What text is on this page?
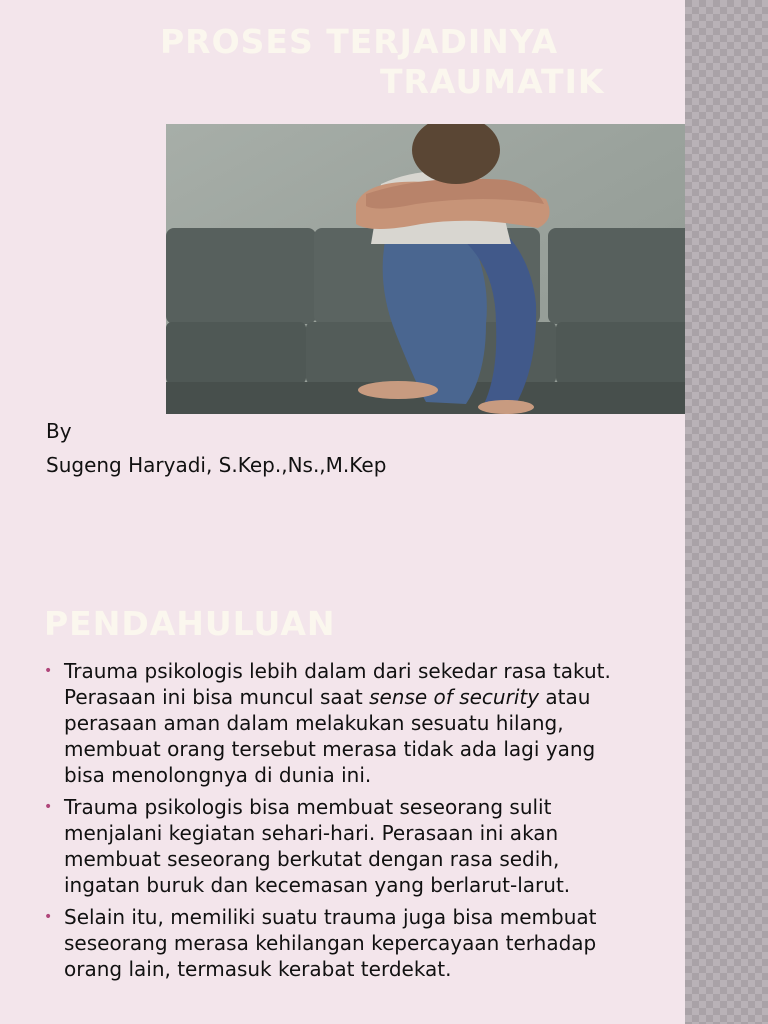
PROSES TERJADINYA
TRAUMATIK
By
Sugeng Haryadi, S.Kep.,Ns.,M.Kep
PENDAHULUAN
• Trauma psikologis lebih dalam dari sekedar rasa takut. Perasaan ini bisa muncul saat sense of security atau perasaan aman dalam melakukan sesuatu hilang, membuat orang tersebut merasa tidak ada lagi yang bisa menolongnya di dunia ini.
• Trauma psikologis bisa membuat seseorang sulit menjalani kegiatan sehari-hari. Perasaan ini akan membuat seseorang berkutat dengan rasa sedih, ingatan buruk dan kecemasan yang berlarut-larut.
• Selain itu, memiliki suatu trauma juga bisa membuat seseorang merasa kehilangan kepercayaan terhadap orang lain, termasuk kerabat terdekat.
